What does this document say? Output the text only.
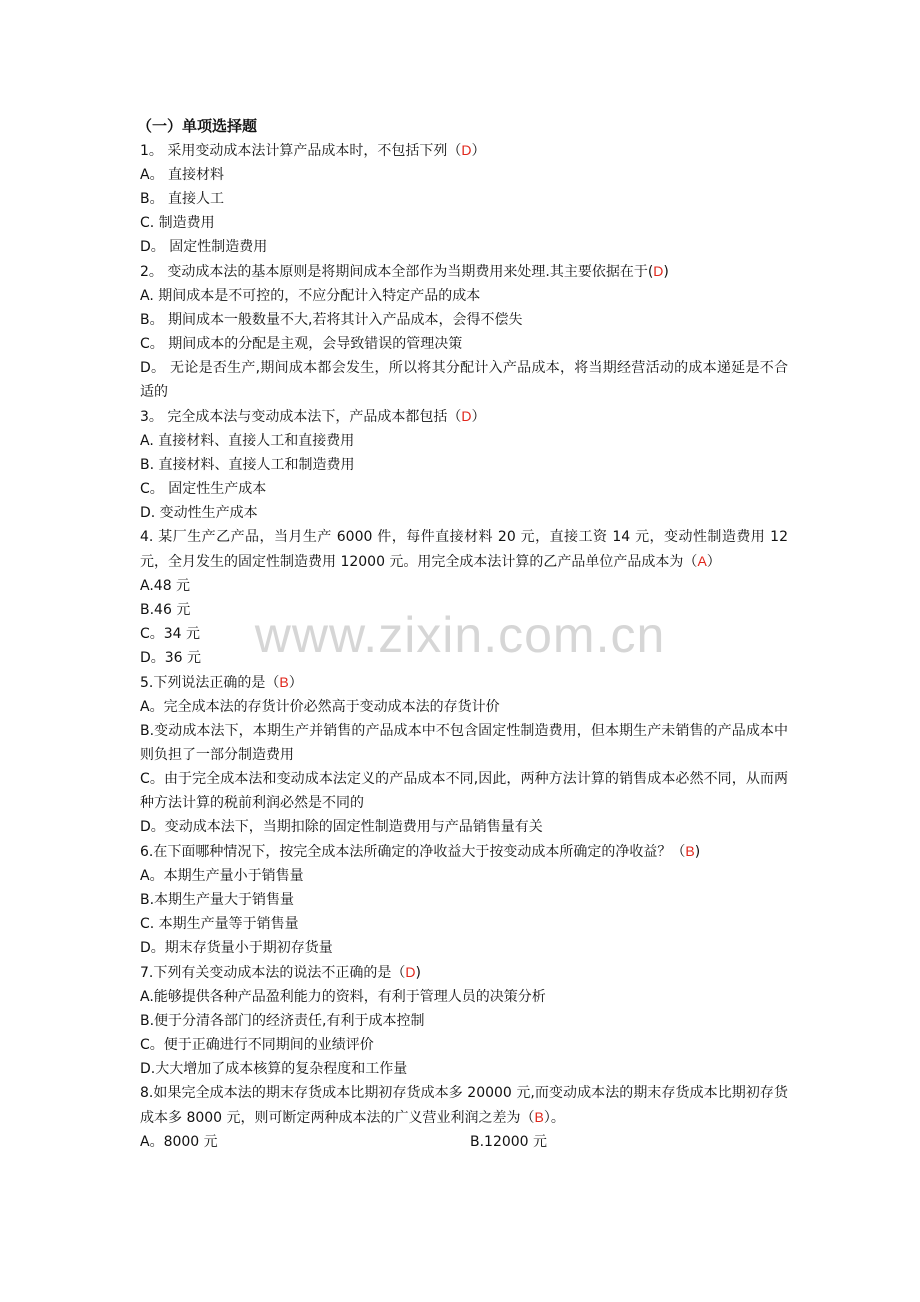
www.zixin.com.cn
（一）单项选择题
1。 采用变动成本法计算产品成本时，不包括下列（D）
A。 直接材料
B。 直接人工
C. 制造费用
D。 固定性制造费用
2。 变动成本法的基本原则是将期间成本全部作为当期费用来处理.其主要依据在于(D)
A. 期间成本是不可控的，不应分配计入特定产品的成本
B。 期间成本一般数量不大,若将其计入产品成本，会得不偿失
C。 期间成本的分配是主观，会导致错误的管理决策
D。 无论是否生产,期间成本都会发生，所以将其分配计入产品成本，将当期经营活动的成本递延是不合适的
3。 完全成本法与变动成本法下，产品成本都包括（D）
A. 直接材料、直接人工和直接费用
B. 直接材料、直接人工和制造费用
C。 固定性生产成本
D. 变动性生产成本
4. 某厂生产乙产品，当月生产 6000 件，每件直接材料 20 元，直接工资 14 元，变动性制造费用 12 元，全月发生的固定性制造费用 12000 元。用完全成本法计算的乙产品单位产品成本为（A）
A.48 元
B.46 元
C。34 元
D。36 元
5.下列说法正确的是（B）
A。完全成本法的存货计价必然高于变动成本法的存货计价
B.变动成本法下，本期生产并销售的产品成本中不包含固定性制造费用，但本期生产未销售的产品成本中则负担了一部分制造费用
C。由于完全成本法和变动成本法定义的产品成本不同,因此，两种方法计算的销售成本必然不同，从而两种方法计算的税前利润必然是不同的
D。变动成本法下，当期扣除的固定性制造费用与产品销售量有关
6.在下面哪种情况下，按完全成本法所确定的净收益大于按变动成本所确定的净收益？（B)
A。本期生产量小于销售量
B.本期生产量大于销售量
C. 本期生产量等于销售量
D。期末存货量小于期初存货量
7.下列有关变动成本法的说法不正确的是（D)
A.能够提供各种产品盈利能力的资料，有利于管理人员的决策分析
B.便于分清各部门的经济责任,有利于成本控制
C。便于正确进行不同期间的业绩评价
D.大大增加了成本核算的复杂程度和工作量
8.如果完全成本法的期末存货成本比期初存货成本多 20000 元,而变动成本法的期末存货成本比期初存货成本多 8000 元，则可断定两种成本法的广义营业利润之差为（B）。
A。8000 元	B.12000 元
